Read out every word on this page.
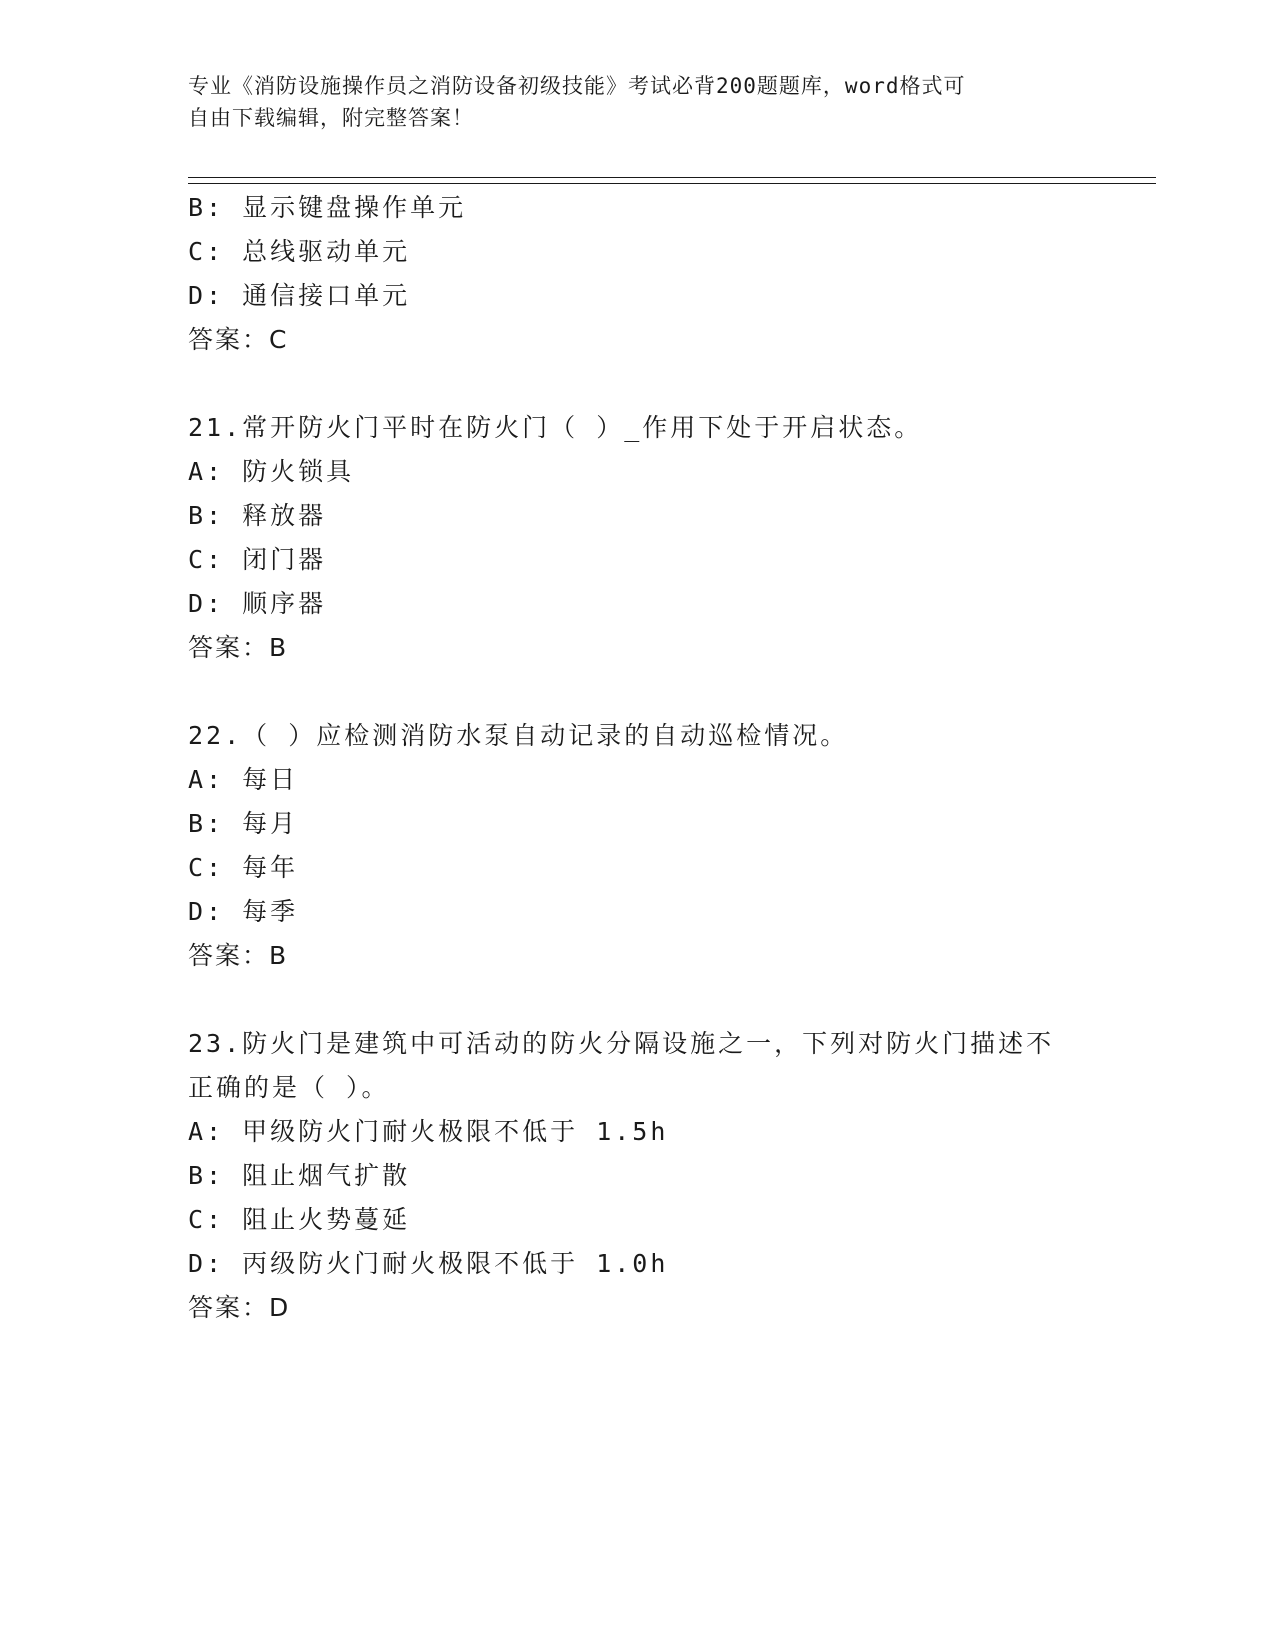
专业《消防设施操作员之消防设备初级技能》考试必背200题题库，word格式可
自由下载编辑，附完整答案！
B: 显示键盘操作单元
C: 总线驱动单元
D: 通信接口单元
答案：C
21.常开防火门平时在防火门（ ）_作用下处于开启状态。
A: 防火锁具
B: 释放器
C: 闭门器
D: 顺序器
答案：B
22.（ ）应检测消防水泵自动记录的自动巡检情况。
A: 每日
B: 每月
C: 每年
D: 每季
答案：B
23.防火门是建筑中可活动的防火分隔设施之一，下列对防火门描述不
正确的是（ ）。
A: 甲级防火门耐火极限不低于 1.5h
B: 阻止烟气扩散
C: 阻止火势蔓延
D: 丙级防火门耐火极限不低于 1.0h
答案：D
